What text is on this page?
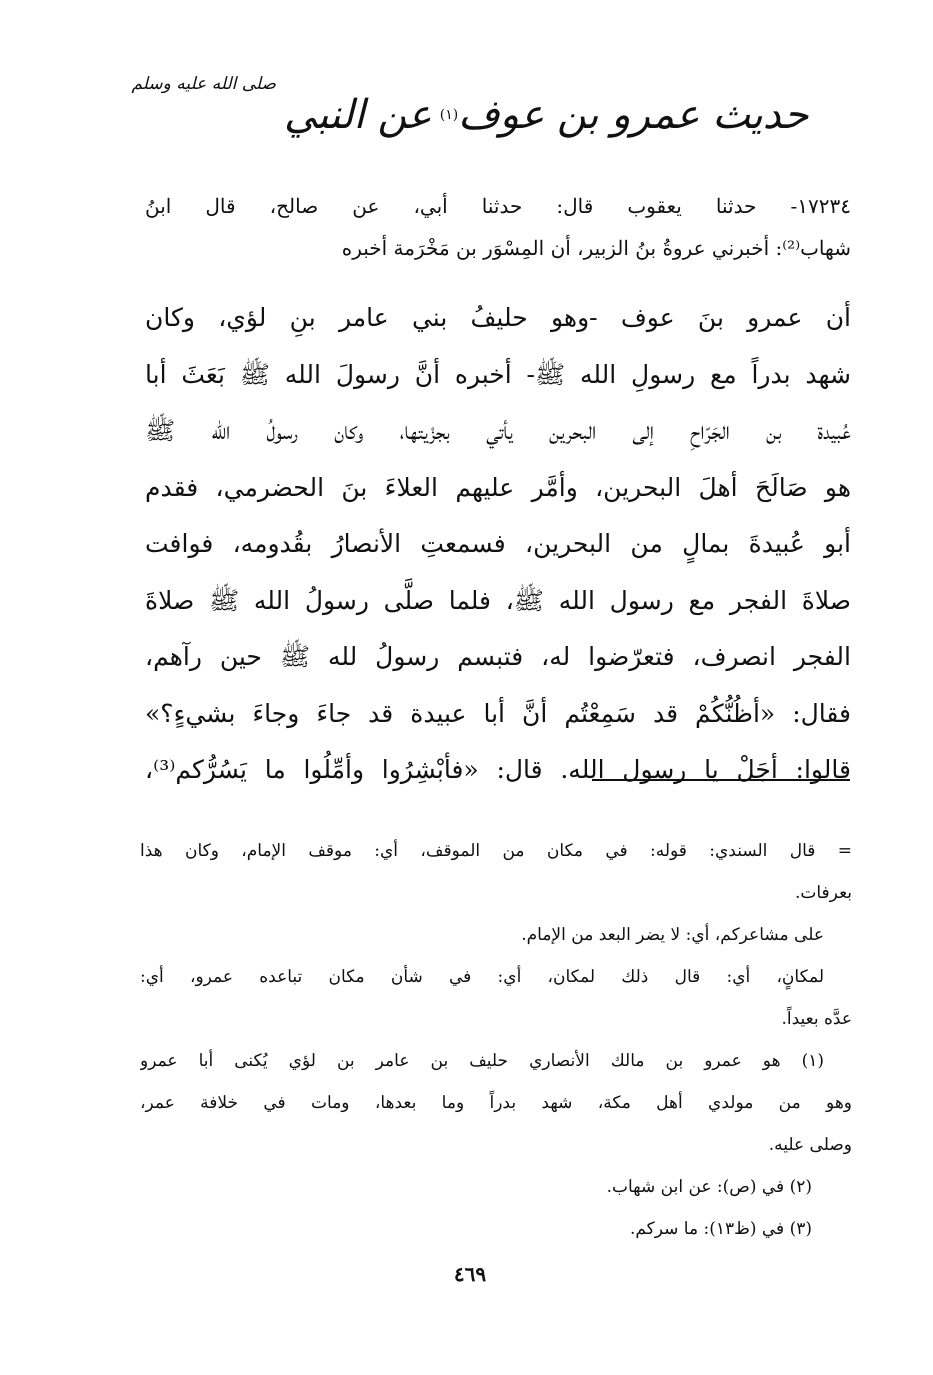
حديث عمرو بن عوف
(١)
عن النبي
صلى الله عليه وسلم
١٧٢٣٤- حدثنا يعقوب قال: حدثنا أبي، عن صالح، قال ابنُ
شهاب⁽²⁾: أخبرني عروةُ بنُ الزبير، أن المِسْوَر بن مَخْرَمة أخبره
أن عمرو بنَ عوف -وهو حليفُ بني عامر بنِ لؤي، وكان
شهد بدراً مع رسولِ الله ﷺ- أخبره أنَّ رسولَ الله ﷺ بَعَثَ أبا
عُبيدة بن الجَرّاحِ إلى البحرين يأتي بجزْيتها، وكان رسولُ الله ﷺ
هو صَالَحَ أهلَ البحرين، وأمَّر عليهم العلاءَ بنَ الحضرمي، فقدم
أبو عُبيدةَ بمالٍ من البحرين، فسمعتِ الأنصارُ بقُدومه، فوافت
صلاةَ الفجر مع رسول الله ﷺ، فلما صلَّى رسولُ الله ﷺ صلاةَ
الفجر انصرف، فتعرّضوا له، فتبسم رسولُ لله ﷺ حين رآهم،
فقال: «أظُنُّكُمْ قد سَمِعْتُم أنَّ أبا عبيدة قد جاءَ وجاءَ بشيءٍ؟»
قالوا: أجَلْ يا رسول الله. قال: «فأبْشِرُوا وأمِّلُوا ما يَسُرُّكم⁽³⁾،
= قال السندي: قوله: في مكان من الموقف، أي: موقف الإمام، وكان هذا
بعرفات.
على مشاعركم، أي: لا يضر البعد من الإمام.
لمكانٍ، أي: قال ذلك لمكان، أي: في شأن مكان تباعده عمرو، أي:
عدَّه بعيداً.
(١) هو عمرو بن مالك الأنصاري حليف بن عامر بن لؤي يُكنى أبا عمرو
وهو من مولدي أهل مكة، شهد بدراً وما بعدها، ومات في خلافة عمر،
وصلى عليه.
(٢) في (ص): عن ابن شهاب.
(٣) في (ظ١٣): ما سركم.
٤٦٩
